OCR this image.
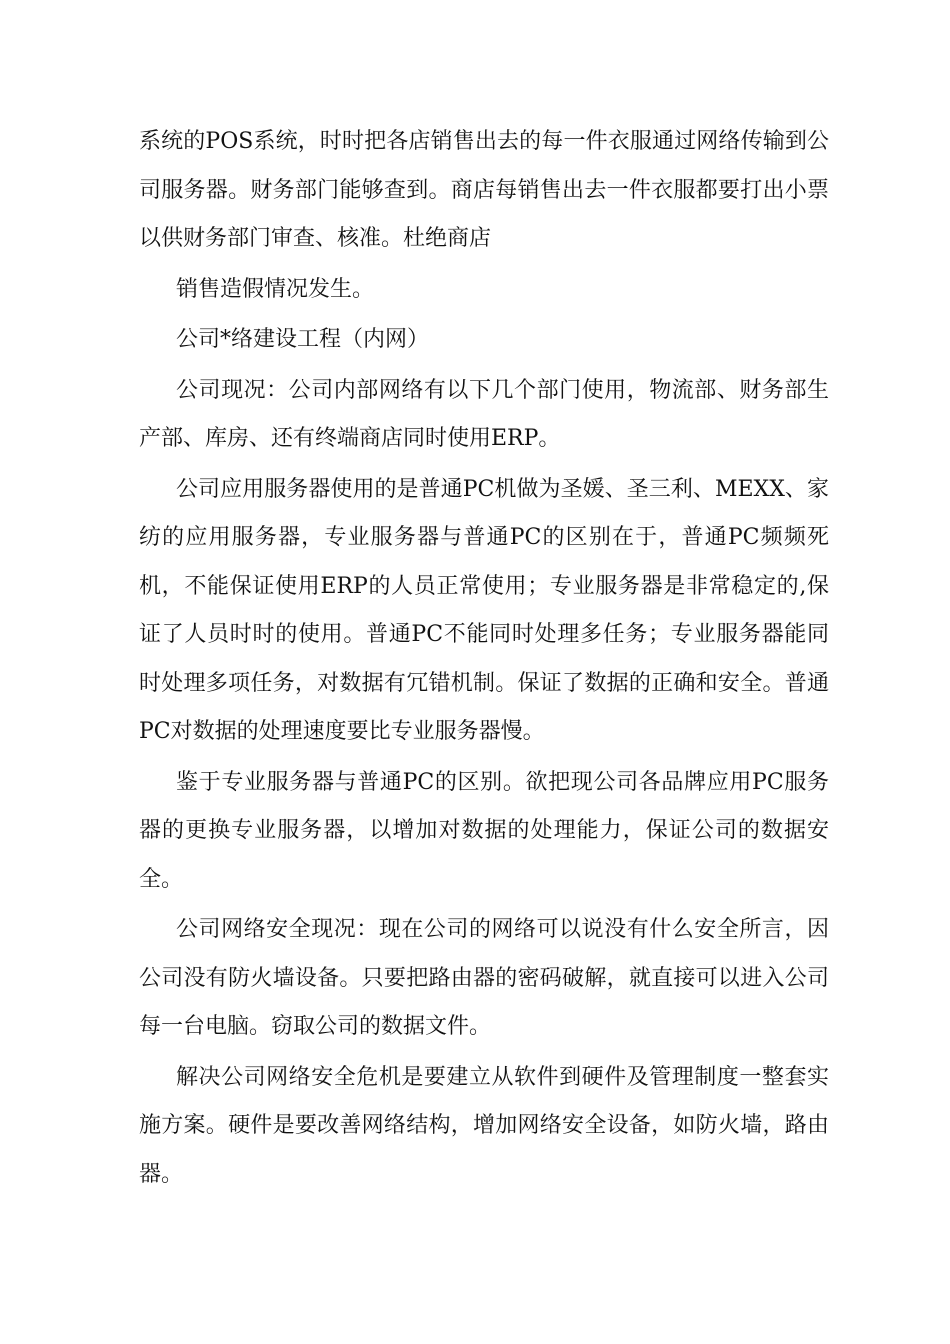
系统的POS系统，时时把各店销售出去的每一件衣服通过网络传输到公司服务器。财务部门能够查到。商店每销售出去一件衣服都要打出小票以供财务部门审查、核准。杜绝商店

销售造假情况发生。

公司*络建设工程（内网）

公司现况：公司内部网络有以下几个部门使用，物流部、财务部生产部、库房、还有终端商店同时使用ERP。

公司应用服务器使用的是普通PC机做为圣媛、圣三利、MEXX、家纺的应用服务器，专业服务器与普通PC的区别在于，普通PC频频死机，不能保证使用ERP的人员正常使用；专业服务器是非常稳定的,保证了人员时时的使用。普通PC不能同时处理多任务；专业服务器能同时处理多项任务，对数据有冗错机制。保证了数据的正确和安全。普通PC对数据的处理速度要比专业服务器慢。

鉴于专业服务器与普通PC的区别。欲把现公司各品牌应用PC服务器的更换专业服务器，以增加对数据的处理能力，保证公司的数据安全。

公司网络安全现况：现在公司的网络可以说没有什么安全所言，因公司没有防火墙设备。只要把路由器的密码破解，就直接可以进入公司每一台电脑。窃取公司的数据文件。

解决公司网络安全危机是要建立从软件到硬件及管理制度一整套实施方案。硬件是要改善网络结构，增加网络安全设备，如防火墙，路由器。
